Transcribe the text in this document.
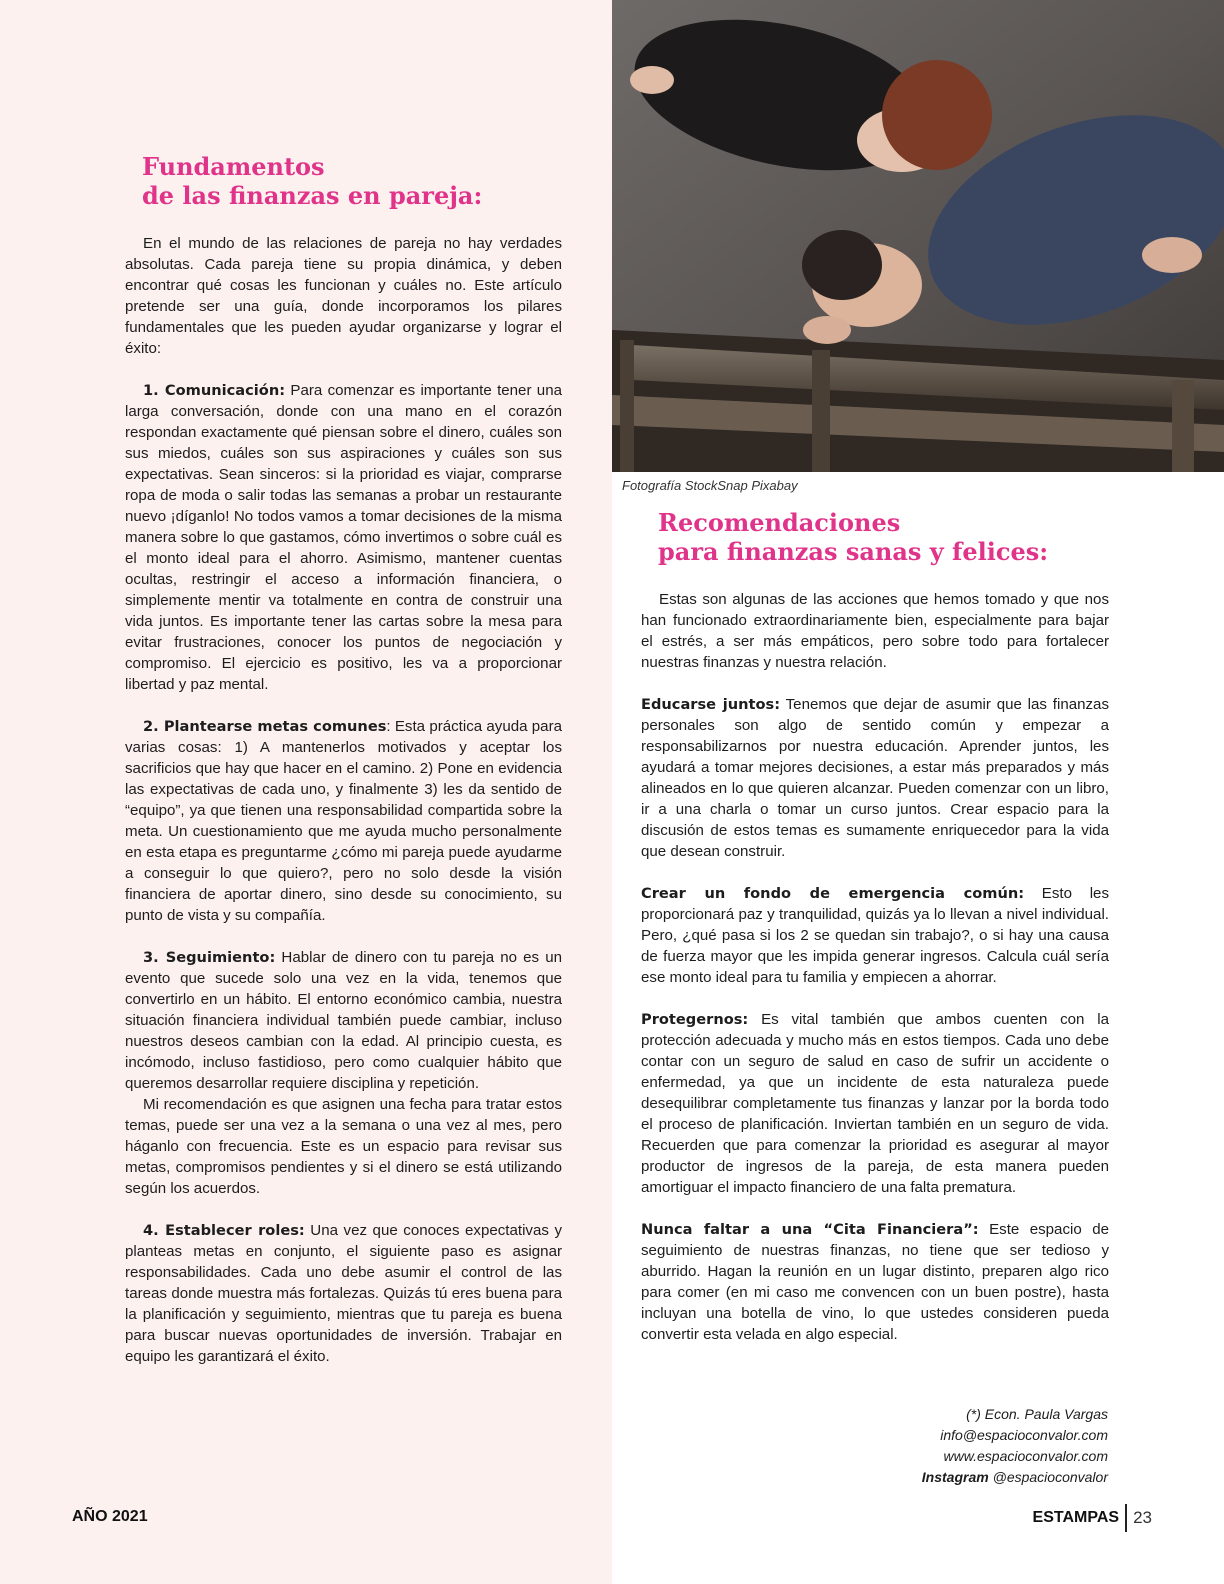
Fotografía StockSnap Pixabay
Fundamentos
de las finanzas en pareja:

En el mundo de las relaciones de pareja no hay verdades absolutas. Cada pareja tiene su propia dinámica, y deben encontrar qué cosas les funcionan y cuáles no. Este artículo pretende ser una guía, donde incorporamos los pilares fundamentales que les pueden ayudar organizarse y lograr el éxito:

1. Comunicación: Para comenzar es importante tener una larga conversación, donde con una mano en el corazón respondan exactamente qué piensan sobre el dinero, cuáles son sus miedos, cuáles son sus aspiraciones y cuáles son sus expectativas. Sean sinceros: si la prioridad es viajar, comprarse ropa de moda o salir todas las semanas a probar un restaurante nuevo ¡díganlo! No todos vamos a tomar decisiones de la misma manera sobre lo que gastamos, cómo invertimos o sobre cuál es el monto ideal para el ahorro. Asimismo, mantener cuentas ocultas, restringir el acceso a información financiera, o simplemente mentir va totalmente en contra de construir una vida juntos. Es importante tener las cartas sobre la mesa para evitar frustraciones, conocer los puntos de negociación y compromiso. El ejercicio es positivo, les va a proporcionar libertad y paz mental.

2. Plantearse metas comunes: Esta práctica ayuda para varias cosas: 1) A mantenerlos motivados y aceptar los sacrificios que hay que hacer en el camino. 2) Pone en evidencia las expectativas de cada uno, y finalmente 3) les da sentido de “equipo”, ya que tienen una responsabilidad compartida sobre la meta. Un cuestionamiento que me ayuda mucho personalmente en esta etapa es preguntarme ¿cómo mi pareja puede ayudarme a conseguir lo que quiero?, pero no solo desde la visión financiera de aportar dinero, sino desde su conocimiento, su punto de vista y su compañía.

3. Seguimiento: Hablar de dinero con tu pareja no es un evento que sucede solo una vez en la vida, tenemos que convertirlo en un hábito. El entorno económico cambia, nuestra situación financiera individual también puede cambiar, incluso nuestros deseos cambian con la edad. Al principio cuesta, es incómodo, incluso fastidioso, pero como cualquier hábito que queremos desarrollar requiere disciplina y repetición.

Mi recomendación es que asignen una fecha para tratar estos temas, puede ser una vez a la semana o una vez al mes, pero háganlo con frecuencia. Este es un espacio para revisar sus metas, compromisos pendientes y si el dinero se está utilizando según los acuerdos.

4. Establecer roles: Una vez que conoces expectativas y planteas metas en conjunto, el siguiente paso es asignar responsabilidades. Cada uno debe asumir el control de las tareas donde muestra más fortalezas. Quizás tú eres buena para la planificación y seguimiento, mientras que tu pareja es buena para buscar nuevas oportunidades de inversión. Trabajar en equipo les garantizará el éxito.

Recomendaciones
para finanzas sanas y felices:

Estas son algunas de las acciones que hemos tomado y que nos han funcionado extraordinariamente bien, especialmente para bajar el estrés, a ser más empáticos, pero sobre todo para fortalecer nuestras finanzas y nuestra relación.

Educarse juntos: Tenemos que dejar de asumir que las finanzas personales son algo de sentido común y empezar a responsabilizarnos por nuestra educación. Aprender juntos, les ayudará a tomar mejores decisiones, a estar más preparados y más alineados en lo que quieren alcanzar. Pueden comenzar con un libro, ir a una charla o tomar un curso juntos. Crear espacio para la discusión de estos temas es sumamente enriquecedor para la vida que desean construir.

Crear un fondo de emergencia común: Esto les proporcionará paz y tranquilidad, quizás ya lo llevan a nivel individual. Pero, ¿qué pasa si los 2 se quedan sin trabajo?, o si hay una causa de fuerza mayor que les impida generar ingresos. Calcula cuál sería ese monto ideal para tu familia y empiecen a ahorrar.

Protegernos: Es vital también que ambos cuenten con la protección adecuada y mucho más en estos tiempos. Cada uno debe contar con un seguro de salud en caso de sufrir un accidente o enfermedad, ya que un incidente de esta naturaleza puede desequilibrar completamente tus finanzas y lanzar por la borda todo el proceso de planificación. Inviertan también en un seguro de vida. Recuerden que para comenzar la prioridad es asegurar al mayor productor de ingresos de la pareja, de esta manera pueden amortiguar el impacto financiero de una falta prematura.

Nunca faltar a una “Cita Financiera”: Este espacio de seguimiento de nuestras finanzas, no tiene que ser tedioso y aburrido. Hagan la reunión en un lugar distinto, preparen algo rico para comer (en mi caso me convencen con un buen postre), hasta incluyan una botella de vino, lo que ustedes consideren pueda convertir esta velada en algo especial.

(*) Econ. Paula Vargas
info@espacioconvalor.com
www.espacioconvalor.com
Instagram @espacioconvalor
AÑO 2021	ESTAMPAS 23
